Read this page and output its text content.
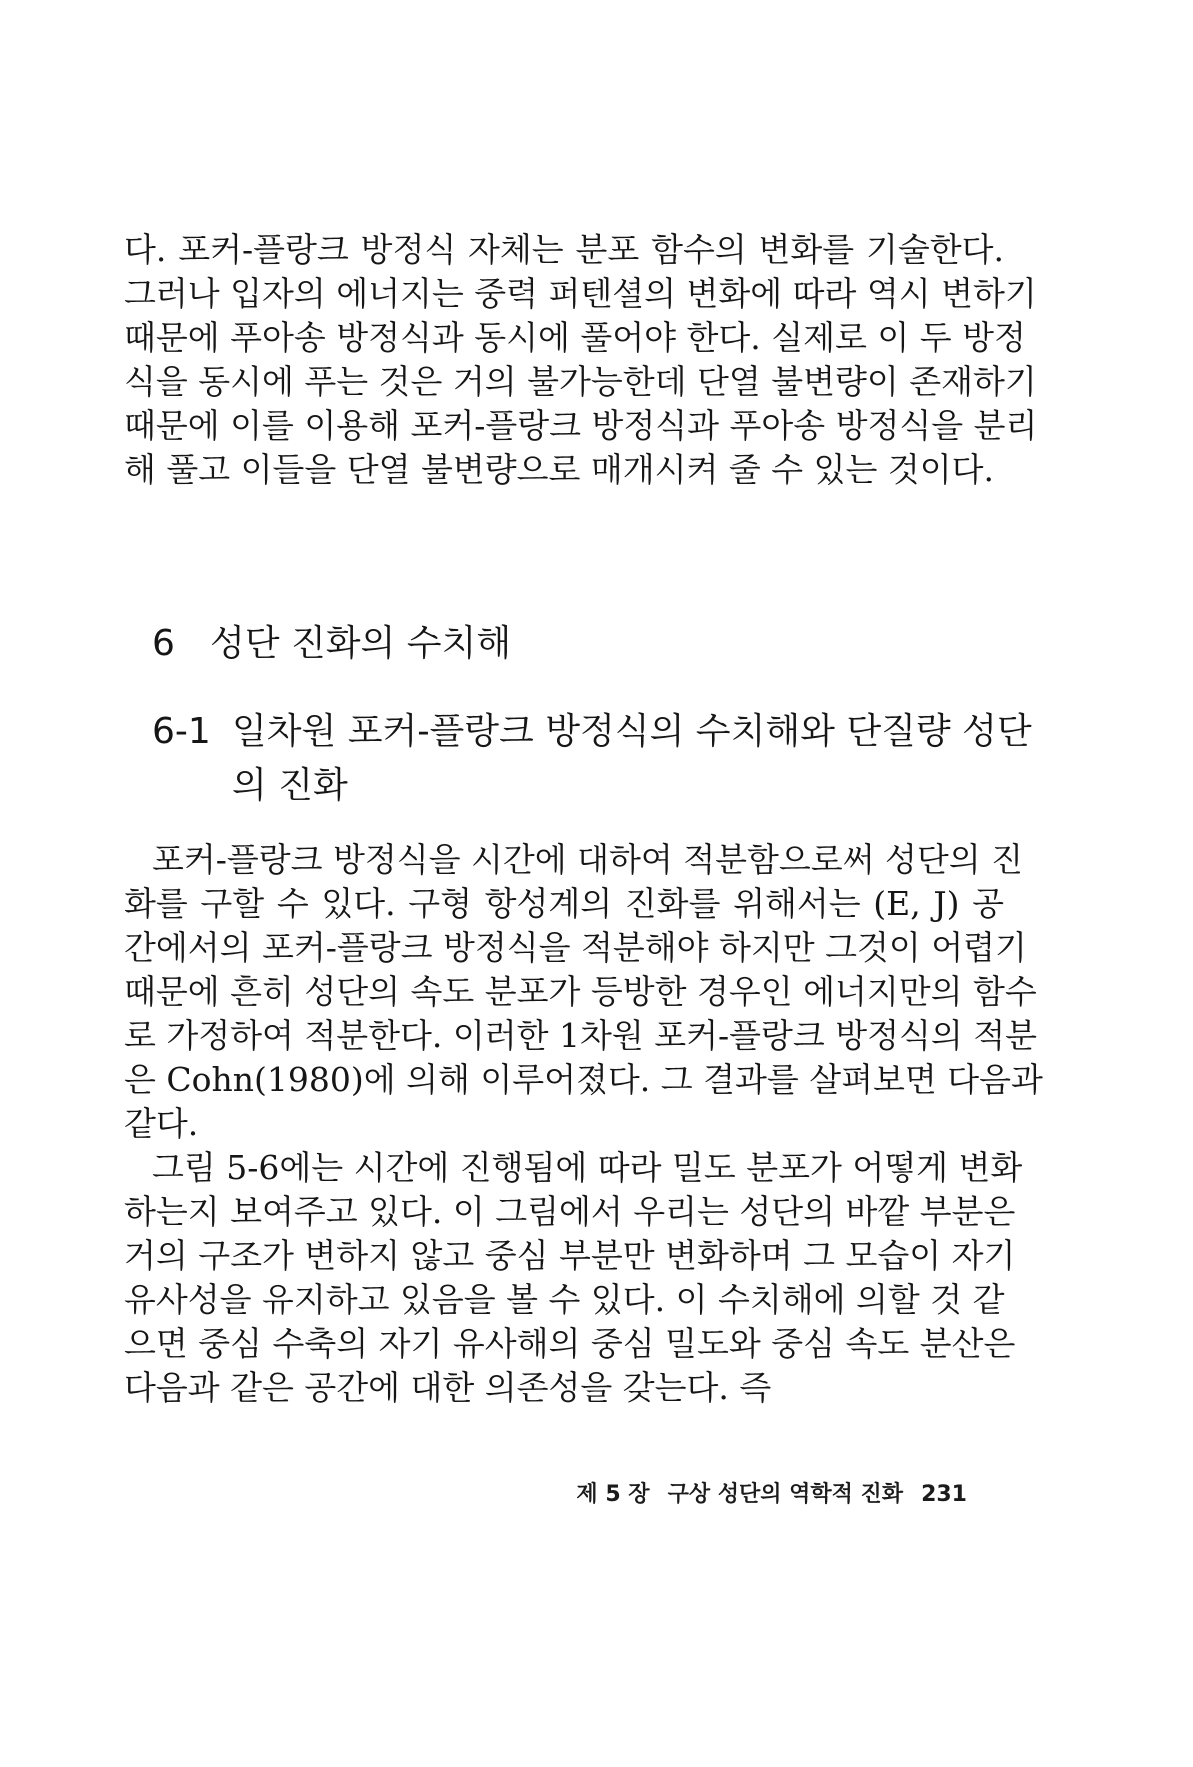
다. 포커-플랑크 방정식 자체는 분포 함수의 변화를 기술한다.
그러나 입자의 에너지는 중력 퍼텐셜의 변화에 따라 역시 변하기
때문에 푸아송 방정식과 동시에 풀어야 한다. 실제로 이 두 방정
식을 동시에 푸는 것은 거의 불가능한데 단열 불변량이 존재하기
때문에 이를 이용해 포커-플랑크 방정식과 푸아송 방정식을 분리
해 풀고 이들을 단열 불변량으로 매개시켜 줄 수 있는 것이다.
6 성단 진화의 수치해
6-1 일차원 포커-플랑크 방정식의 수치해와 단질량 성단
의 진화
포커-플랑크 방정식을 시간에 대하여 적분함으로써 성단의 진
화를 구할 수 있다. 구형 항성계의 진화를 위해서는 (E, J) 공
간에서의 포커-플랑크 방정식을 적분해야 하지만 그것이 어렵기
때문에 흔히 성단의 속도 분포가 등방한 경우인 에너지만의 함수
로 가정하여 적분한다. 이러한 1차원 포커-플랑크 방정식의 적분
은 Cohn(1980)에 의해 이루어졌다. 그 결과를 살펴보면 다음과
같다.
그림 5-6에는 시간에 진행됨에 따라 밀도 분포가 어떻게 변화
하는지 보여주고 있다. 이 그림에서 우리는 성단의 바깥 부분은
거의 구조가 변하지 않고 중심 부분만 변화하며 그 모습이 자기
유사성을 유지하고 있음을 볼 수 있다. 이 수치해에 의할 것 같
으면 중심 수축의 자기 유사해의 중심 밀도와 중심 속도 분산은
다음과 같은 공간에 대한 의존성을 갖는다. 즉
제 5 장 구상 성단의 역학적 진화 231
